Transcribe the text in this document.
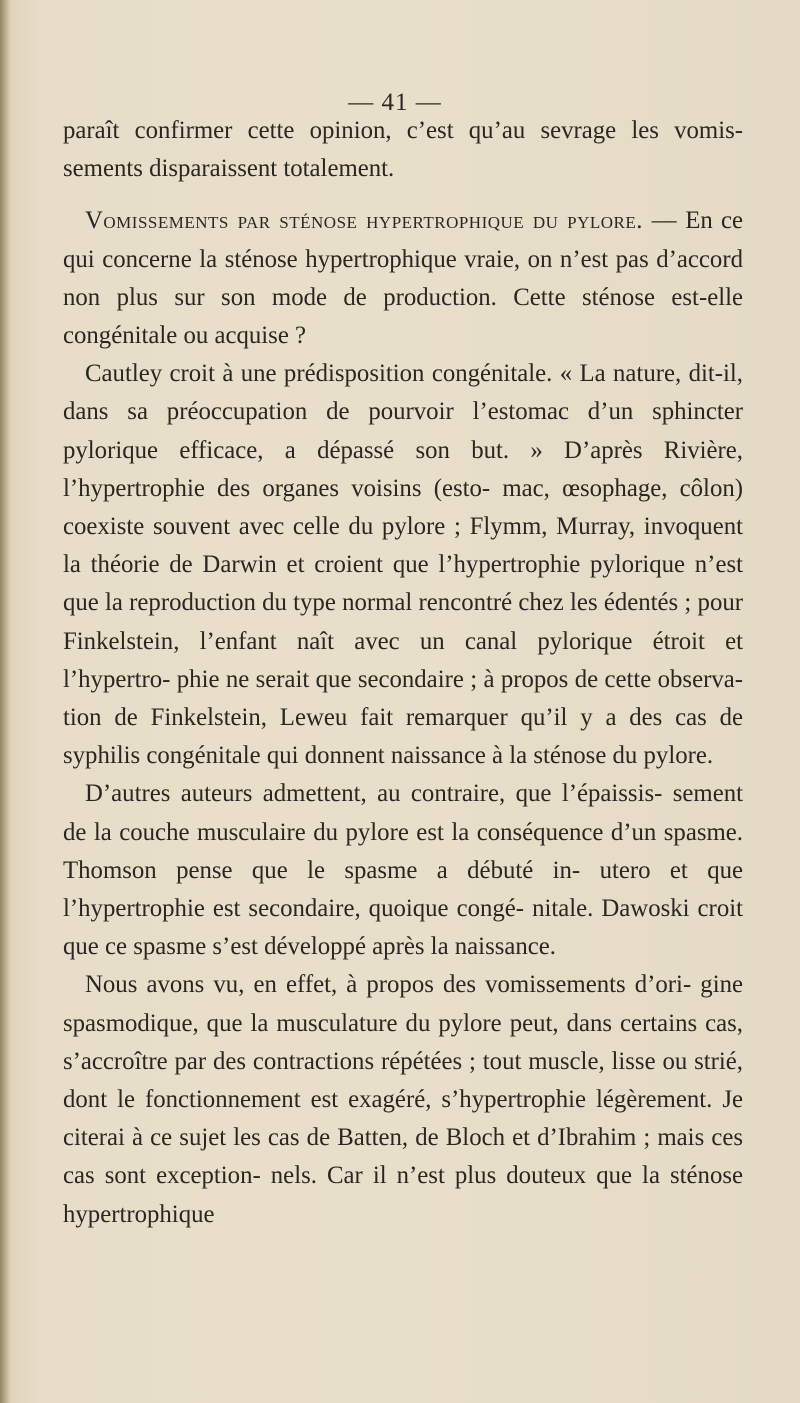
— 41 —

paraît confirmer cette opinion, c’est qu’au sevrage les vomis- sements disparaissent totalement.

Vomissements par sténose hypertrophique du pylore. — En ce qui concerne la sténose hypertrophique vraie, on n’est pas d’accord non plus sur son mode de production. Cette sténose est-elle congénitale ou acquise ?

Cautley croit à une prédisposition congénitale. « La nature, dit-il, dans sa préoccupation de pourvoir l’estomac d’un sphincter pylorique efficace, a dépassé son but. » D’après Rivière, l’hypertrophie des organes voisins (esto- mac, œsophage, côlon) coexiste souvent avec celle du pylore ; Flymm, Murray, invoquent la théorie de Darwin et croient que l’hypertrophie pylorique n’est que la reproduction du type normal rencontré chez les édentés ; pour Finkelstein, l’enfant naît avec un canal pylorique étroit et l’hypertro- phie ne serait que secondaire ; à propos de cette observa- tion de Finkelstein, Leweu fait remarquer qu’il y a des cas de syphilis congénitale qui donnent naissance à la sténose du pylore.

D’autres auteurs admettent, au contraire, que l’épaissis- sement de la couche musculaire du pylore est la conséquence d’un spasme. Thomson pense que le spasme a débuté in- utero et que l’hypertrophie est secondaire, quoique congé- nitale. Dawoski croit que ce spasme s’est développé après la naissance.

Nous avons vu, en effet, à propos des vomissements d’ori- gine spasmodique, que la musculature du pylore peut, dans certains cas, s’accroître par des contractions répétées ; tout muscle, lisse ou strié, dont le fonctionnement est exagéré, s’hypertrophie légèrement. Je citerai à ce sujet les cas de Batten, de Bloch et d’Ibrahim ; mais ces cas sont exception- nels. Car il n’est plus douteux que la sténose hypertrophique
